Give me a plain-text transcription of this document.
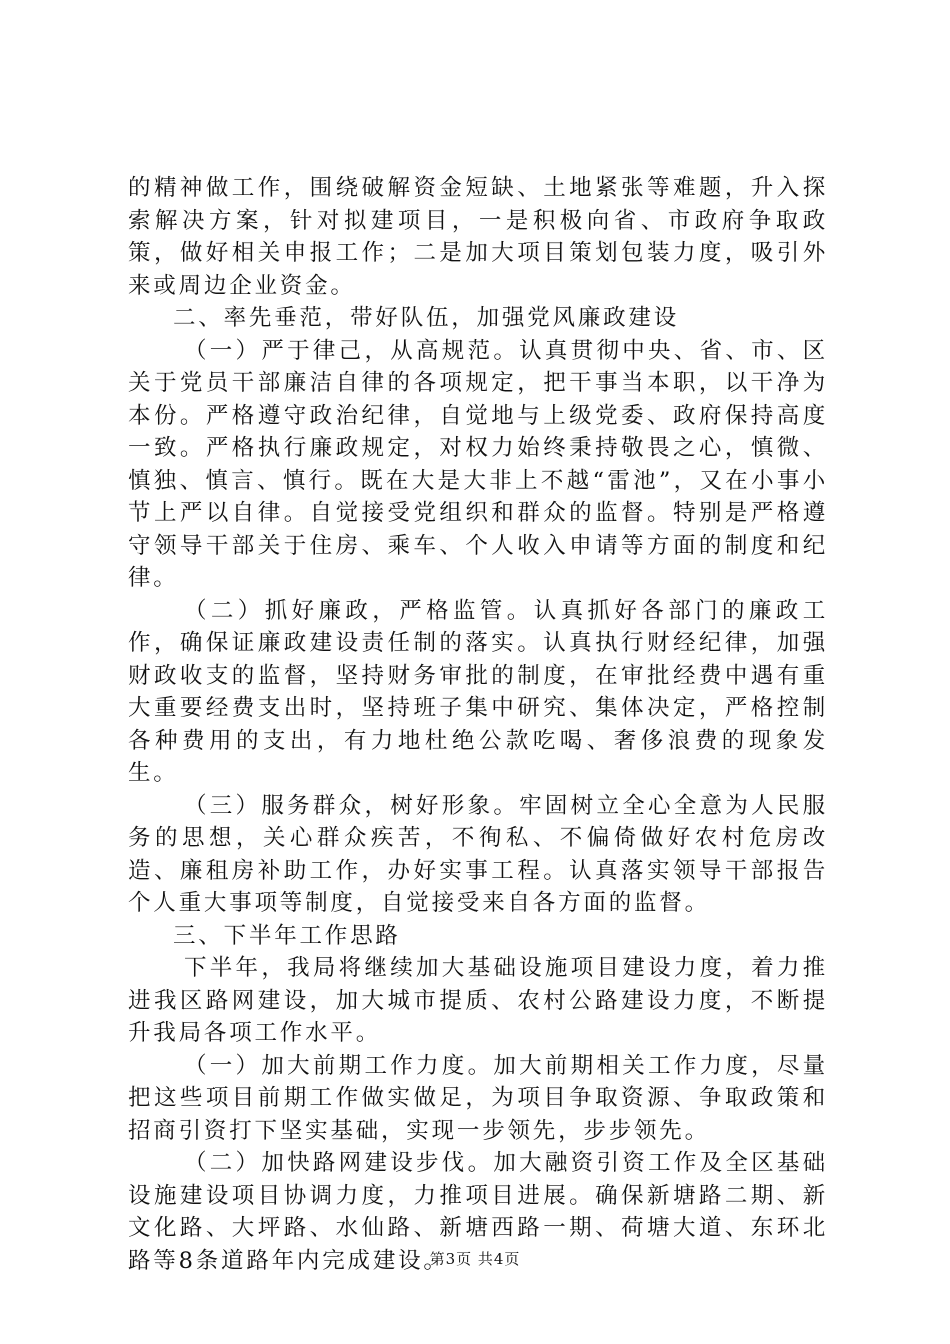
的精神做工作，围绕破解资金短缺、土地紧张等难题，升入探索解决方案，针对拟建项目，一是积极向省、市政府争取政策，做好相关申报工作；二是加大项目策划包装力度，吸引外来或周边企业资金。

二、率先垂范，带好队伍，加强党风廉政建设

（一）严于律己，从高规范。认真贯彻中央、省、市、区关于党员干部廉洁自律的各项规定，把干事当本职，以干净为本份。严格遵守政治纪律，自觉地与上级党委、政府保持高度一致。严格执行廉政规定，对权力始终秉持敬畏之心，慎微、慎独、慎言、慎行。既在大是大非上不越“雷池”，又在小事小节上严以自律。自觉接受党组织和群众的监督。特别是严格遵守领导干部关于住房、乘车、个人收入申请等方面的制度和纪律。

（二）抓好廉政，严格监管。认真抓好各部门的廉政工作，确保证廉政建设责任制的落实。认真执行财经纪律，加强财政收支的监督，坚持财务审批的制度，在审批经费中遇有重大重要经费支出时，坚持班子集中研究、集体决定，严格控制各种费用的支出，有力地杜绝公款吃喝、奢侈浪费的现象发生。

（三）服务群众，树好形象。牢固树立全心全意为人民服务的思想，关心群众疾苦，不徇私、不偏倚做好农村危房改造、廉租房补助工作，办好实事工程。认真落实领导干部报告个人重大事项等制度，自觉接受来自各方面的监督。

三、下半年工作思路

下半年，我局将继续加大基础设施项目建设力度，着力推进我区路网建设，加大城市提质、农村公路建设力度，不断提升我局各项工作水平。

（一）加大前期工作力度。加大前期相关工作力度，尽量把这些项目前期工作做实做足，为项目争取资源、争取政策和招商引资打下坚实基础，实现一步领先，步步领先。

（二）加快路网建设步伐。加大融资引资工作及全区基础设施建设项目协调力度，力推项目进展。确保新塘路二期、新文化路、大坪路、水仙路、新塘西路一期、荷塘大道、东环北路等8条道路年内完成建设。

第3页 共4页
